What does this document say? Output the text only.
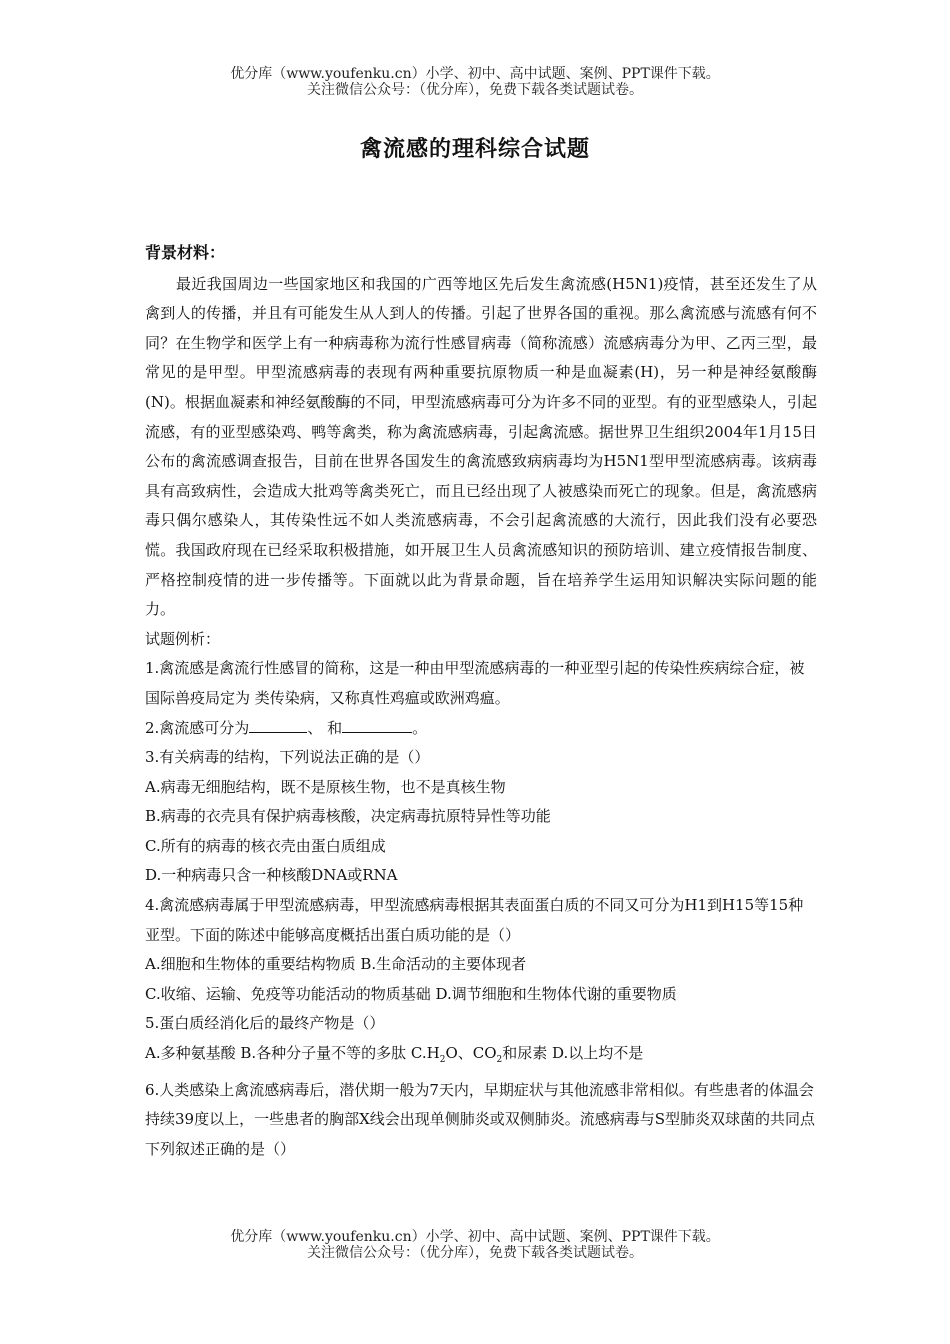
优分库（www.youfenku.cn）小学、初中、高中试题、案例、PPT课件下载。
关注微信公众号：（优分库），免费下载各类试题试卷。
禽流感的理科综合试题
背景材料：
最近我国周边一些国家地区和我国的广西等地区先后发生禽流感(H5N1)疫情，甚至还发生了从禽到人的传播，并且有可能发生从人到人的传播。引起了世界各国的重视。那么禽流感与流感有何不同？在生物学和医学上有一种病毒称为流行性感冒病毒（简称流感）流感病毒分为甲、乙丙三型，最常见的是甲型。甲型流感病毒的表现有两种重要抗原物质一种是血凝素(H)，另一种是神经氨酸酶(N)。根据血凝素和神经氨酸酶的不同，甲型流感病毒可分为许多不同的亚型。有的亚型感染人，引起流感，有的亚型感染鸡、鸭等禽类，称为禽流感病毒，引起禽流感。据世界卫生组织2004年1月15日公布的禽流感调查报告，目前在世界各国发生的禽流感致病病毒均为H5N1型甲型流感病毒。该病毒具有高致病性，会造成大批鸡等禽类死亡，而且已经出现了人被感染而死亡的现象。但是，禽流感病毒只偶尔感染人，其传染性远不如人类流感病毒，不会引起禽流感的大流行，因此我们没有必要恐慌。我国政府现在已经采取积极措施，如开展卫生人员禽流感知识的预防培训、建立疫情报告制度、严格控制疫情的进一步传播等。下面就以此为背景命题，旨在培养学生运用知识解决实际问题的能力。
试题例析：
1.禽流感是禽流行性感冒的简称，这是一种由甲型流感病毒的一种亚型引起的传染性疾病综合症，被国际兽疫局定为 类传染病，又称真性鸡瘟或欧洲鸡瘟。
2.禽流感可分为	、 和	。
3.有关病毒的结构，下列说法正确的是（）
A.病毒无细胞结构，既不是原核生物，也不是真核生物
B.病毒的衣壳具有保护病毒核酸，决定病毒抗原特异性等功能
C.所有的病毒的核衣壳由蛋白质组成
D.一种病毒只含一种核酸DNA或RNA
4.禽流感病毒属于甲型流感病毒，甲型流感病毒根据其表面蛋白质的不同又可分为H1到H15等15种亚型。下面的陈述中能够高度概括出蛋白质功能的是（）
A.细胞和生物体的重要结构物质 B.生命活动的主要体现者
C.收缩、运输、免疫等功能活动的物质基础 D.调节细胞和生物体代谢的重要物质
5.蛋白质经消化后的最终产物是（）
A.多种氨基酸 B.各种分子量不等的多肽 $C.H_2O$、$CO_2$和尿素 D.以上均不是
6.人类感染上禽流感病毒后，潜伏期一般为7天内，早期症状与其他流感非常相似。有些患者的体温会持续39度以上，一些患者的胸部X线会出现单侧肺炎或双侧肺炎。流感病毒与S型肺炎双球菌的共同点下列叙述正确的是（）
优分库（www.youfenku.cn）小学、初中、高中试题、案例、PPT课件下载。
关注微信公众号：（优分库），免费下载各类试题试卷。
